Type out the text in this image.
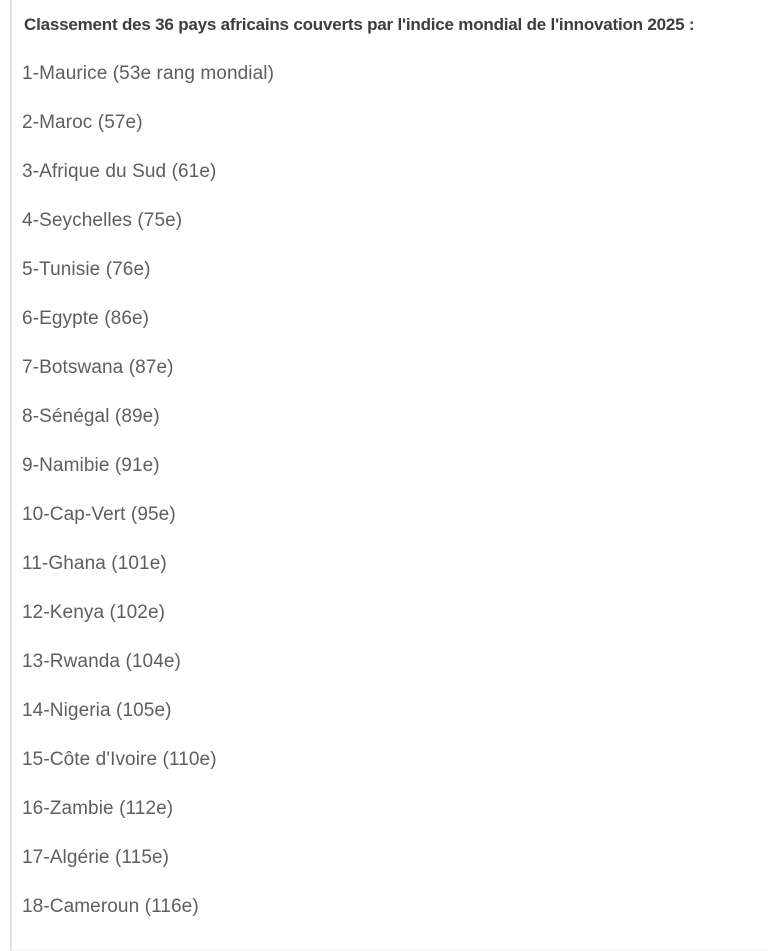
Classement des 36 pays africains couverts par l'indice mondial de l'innovation 2025 :

1-Maurice (53e rang mondial)

2-Maroc (57e)

3-Afrique du Sud (61e)

4-Seychelles (75e)

5-Tunisie (76e)

6-Egypte (86e)

7-Botswana (87e)

8-Sénégal (89e)

9-Namibie (91e)

10-Cap-Vert (95e)

11-Ghana (101e)

12-Kenya (102e)

13-Rwanda (104e)

14-Nigeria (105e)

15-Côte d'Ivoire (110e)

16-Zambie (112e)

17-Algérie (115e)

18-Cameroun (116e)
